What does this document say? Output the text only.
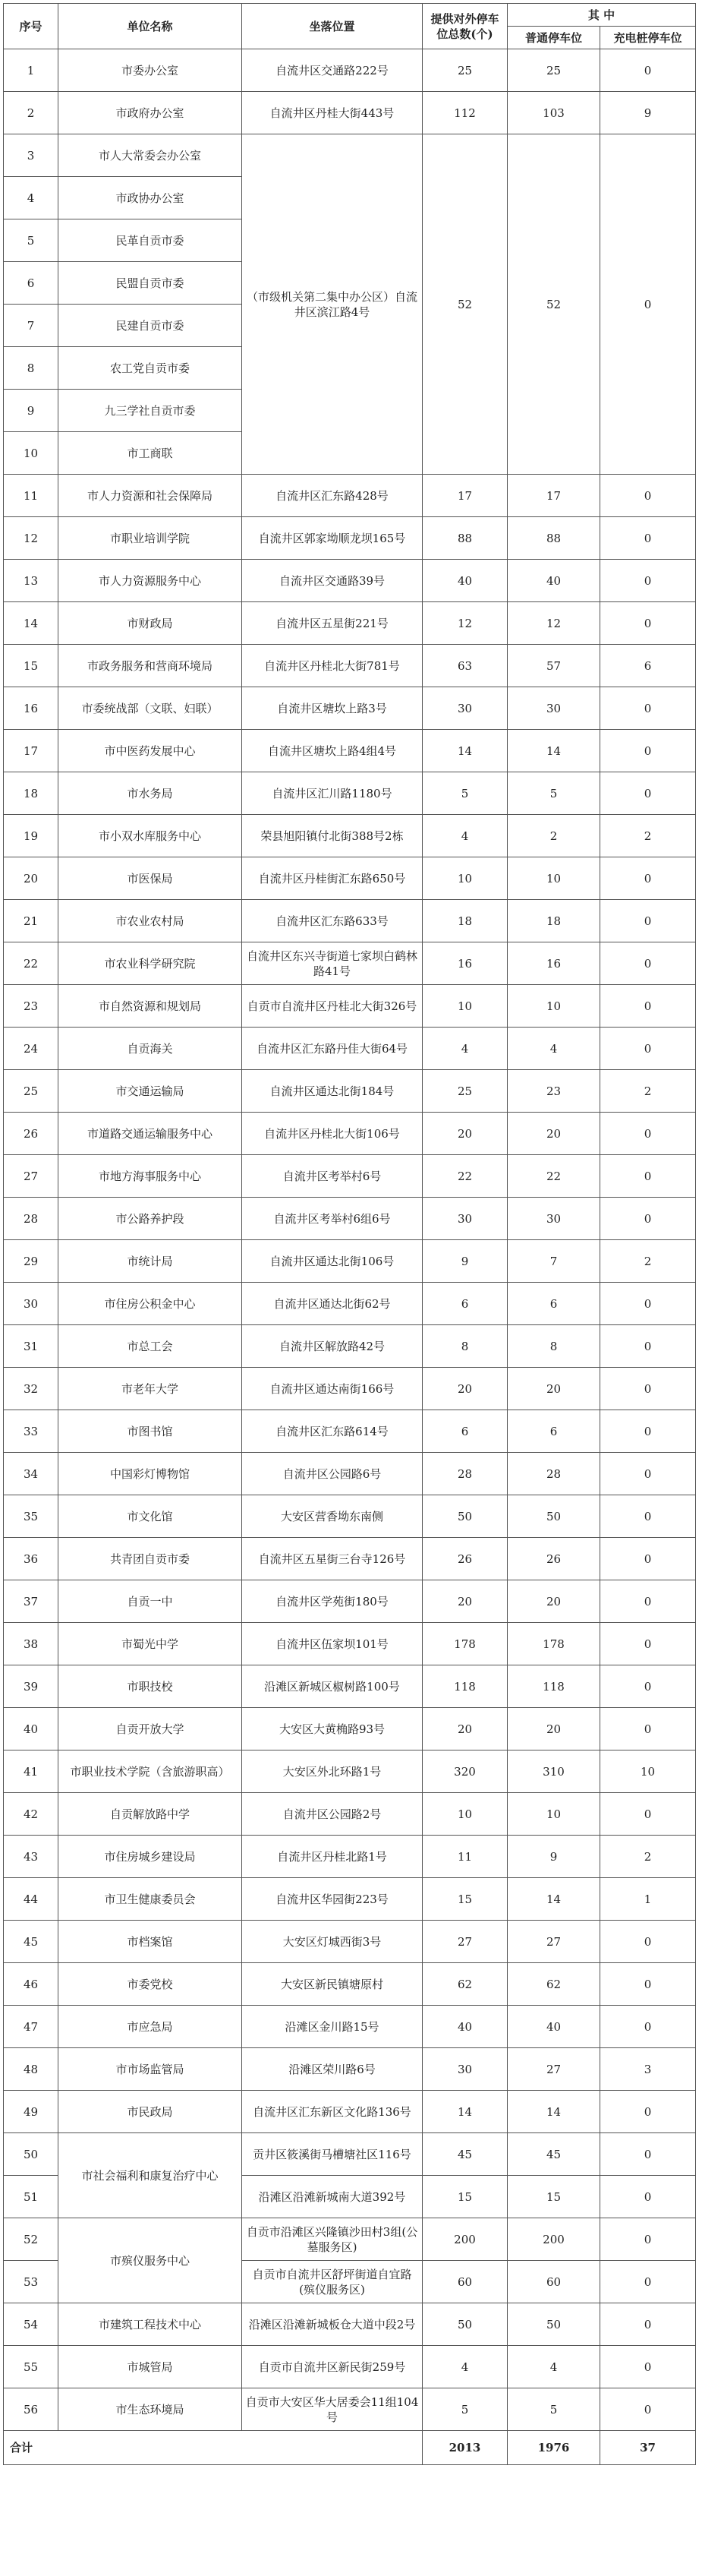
序号	单位名称	坐落位置	提供对外停车位总数(个)	其 中	
				普通停车位	充电桩停车位
1	市委办公室	自流井区交通路222号	25	25	0
2	市政府办公室	自流井区丹桂大街443号	112	103	9
3	市人大常委会办公室	（市级机关第二集中办公区）自流井区滨江路4号	52	52	0
4	市政协办公室				
5	民革自贡市委				
6	民盟自贡市委				
7	民建自贡市委				
8	农工党自贡市委				
9	九三学社自贡市委				
10	市工商联				
11	市人力资源和社会保障局	自流井区汇东路428号	17	17	0
12	市职业培训学院	自流井区郭家坳顺龙坝165号	88	88	0
13	市人力资源服务中心	自流井区交通路39号	40	40	0
14	市财政局	自流井区五星街221号	12	12	0
15	市政务服务和营商环境局	自流井区丹桂北大街781号	63	57	6
16	市委统战部（文联、妇联）	自流井区塘坎上路3号	30	30	0
17	市中医药发展中心	自流井区塘坎上路4组4号	14	14	0
18	市水务局	自流井区汇川路1180号	5	5	0
19	市小双水库服务中心	荣县旭阳镇付北街388号2栋	4	2	2
20	市医保局	自流井区丹桂街汇东路650号	10	10	0
21	市农业农村局	自流井区汇东路633号	18	18	0
22	市农业科学研究院	自流井区东兴寺街道七家坝白鹤林路41号	16	16	0
23	市自然资源和规划局	自贡市自流井区丹桂北大街326号	10	10	0
24	自贡海关	自流井区汇东路丹佳大街64号	4	4	0
25	市交通运输局	自流井区通达北街184号	25	23	2
26	市道路交通运输服务中心	自流井区丹桂北大街106号	20	20	0
27	市地方海事服务中心	自流井区考举村6号	22	22	0
28	市公路养护段	自流井区考举村6组6号	30	30	0
29	市统计局	自流井区通达北街106号	9	7	2
30	市住房公积金中心	自流井区通达北街62号	6	6	0
31	市总工会	自流井区解放路42号	8	8	0
32	市老年大学	自流井区通达南街166号	20	20	0
33	市图书馆	自流井区汇东路614号	6	6	0
34	中国彩灯博物馆	自流井区公园路6号	28	28	0
35	市文化馆	大安区营香坳东南侧	50	50	0
36	共青团自贡市委	自流井区五星街三台寺126号	26	26	0
37	自贡一中	自流井区学苑街180号	20	20	0
38	市蜀光中学	自流井区伍家坝101号	178	178	0
39	市职技校	沿滩区新城区椒树路100号	118	118	0
40	自贡开放大学	大安区大黄桷路93号	20	20	0
41	市职业技术学院（含旅游职高）	大安区外北环路1号	320	310	10
42	自贡解放路中学	自流井区公园路2号	10	10	0
43	市住房城乡建设局	自流井区丹桂北路1号	11	9	2
44	市卫生健康委员会	自流井区华园街223号	15	14	1
45	市档案馆	大安区灯城西街3号	27	27	0
46	市委党校	大安区新民镇塘原村	62	62	0
47	市应急局	沿滩区金川路15号	40	40	0
48	市市场监管局	沿滩区荣川路6号	30	27	3
49	市民政局	自流井区汇东新区文化路136号	14	14	0
50	市社会福利和康复治疗中心	贡井区筱溪街马槽塘社区116号	45	45	0
51		沿滩区沿滩新城南大道392号	15	15	0
52	市殡仪服务中心	自贡市沿滩区兴隆镇沙田村3组(公墓服务区)	200	200	0
53		自贡市自流井区舒坪街道自宜路(殡仪服务区)	60	60	0
54	市建筑工程技术中心	沿滩区沿滩新城板仓大道中段2号	50	50	0
55	市城管局	自贡市自流井区新民街259号	4	4	0
56	市生态环境局	自贡市大安区华大居委会11组104号	5	5	0
合计			2013	1976	37
